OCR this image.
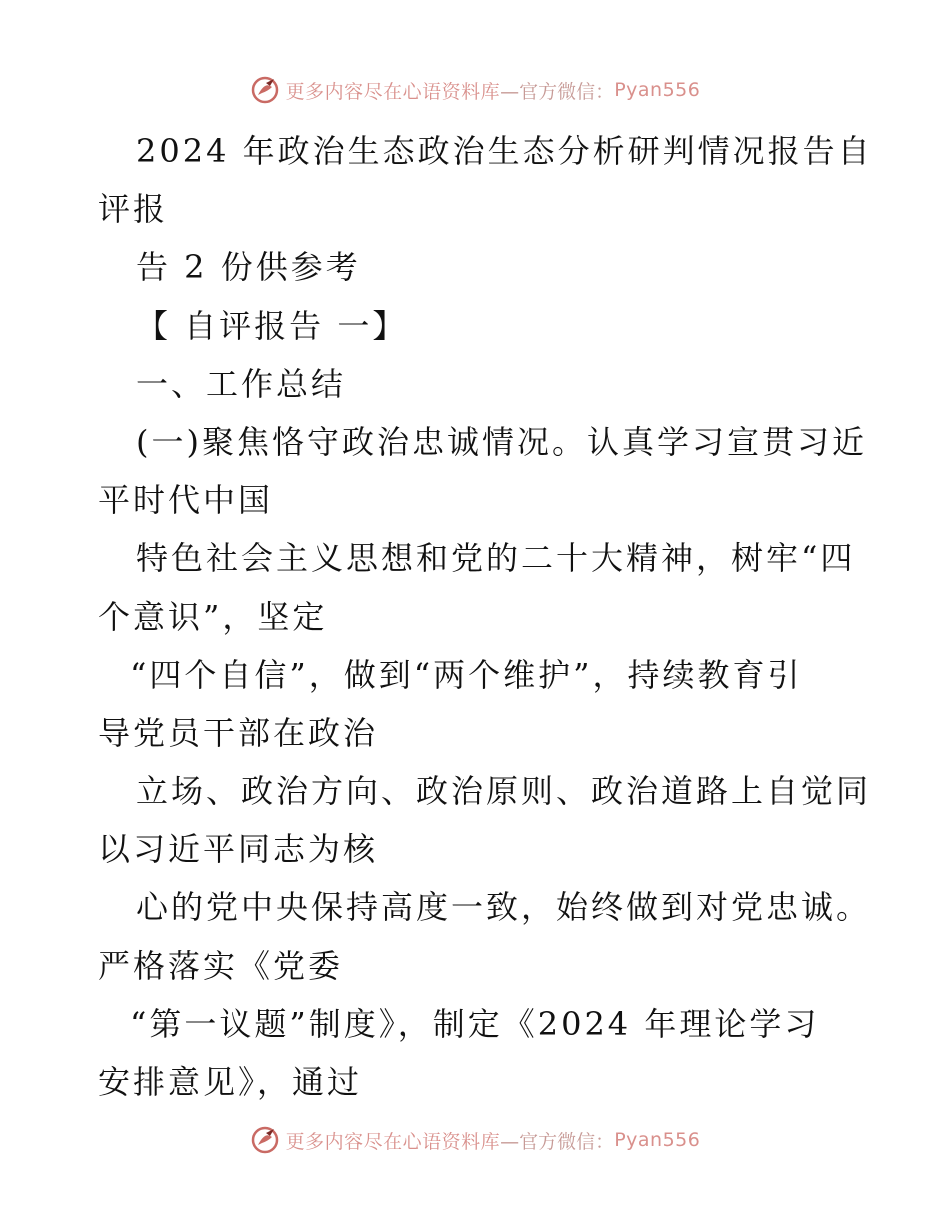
更多内容尽在心语资料库 —官方微信： Pyan556
2024 年政治生态政治生态分析研判情况报告自
评报
告 2 份供参考
【 自评报告 一】
一、工作总结
(一)聚焦恪守政治忠诚情况。认真学习宣贯习近
平时代中国
特色社会主义思想和党的二十大精神，树牢“四
个意识”，坚定
“四个自信”，做到“两个维护”，持续教育引
导党员干部在政治
立场、政治方向、政治原则、政治道路上自觉同
以习近平同志为核
心的党中央保持高度一致，始终做到对党忠诚。
严格落实《党委
“第一议题”制度》，制定《2024 年理论学习
安排意见》，通过
更多内容尽在心语资料库 —官方微信： Pyan556
